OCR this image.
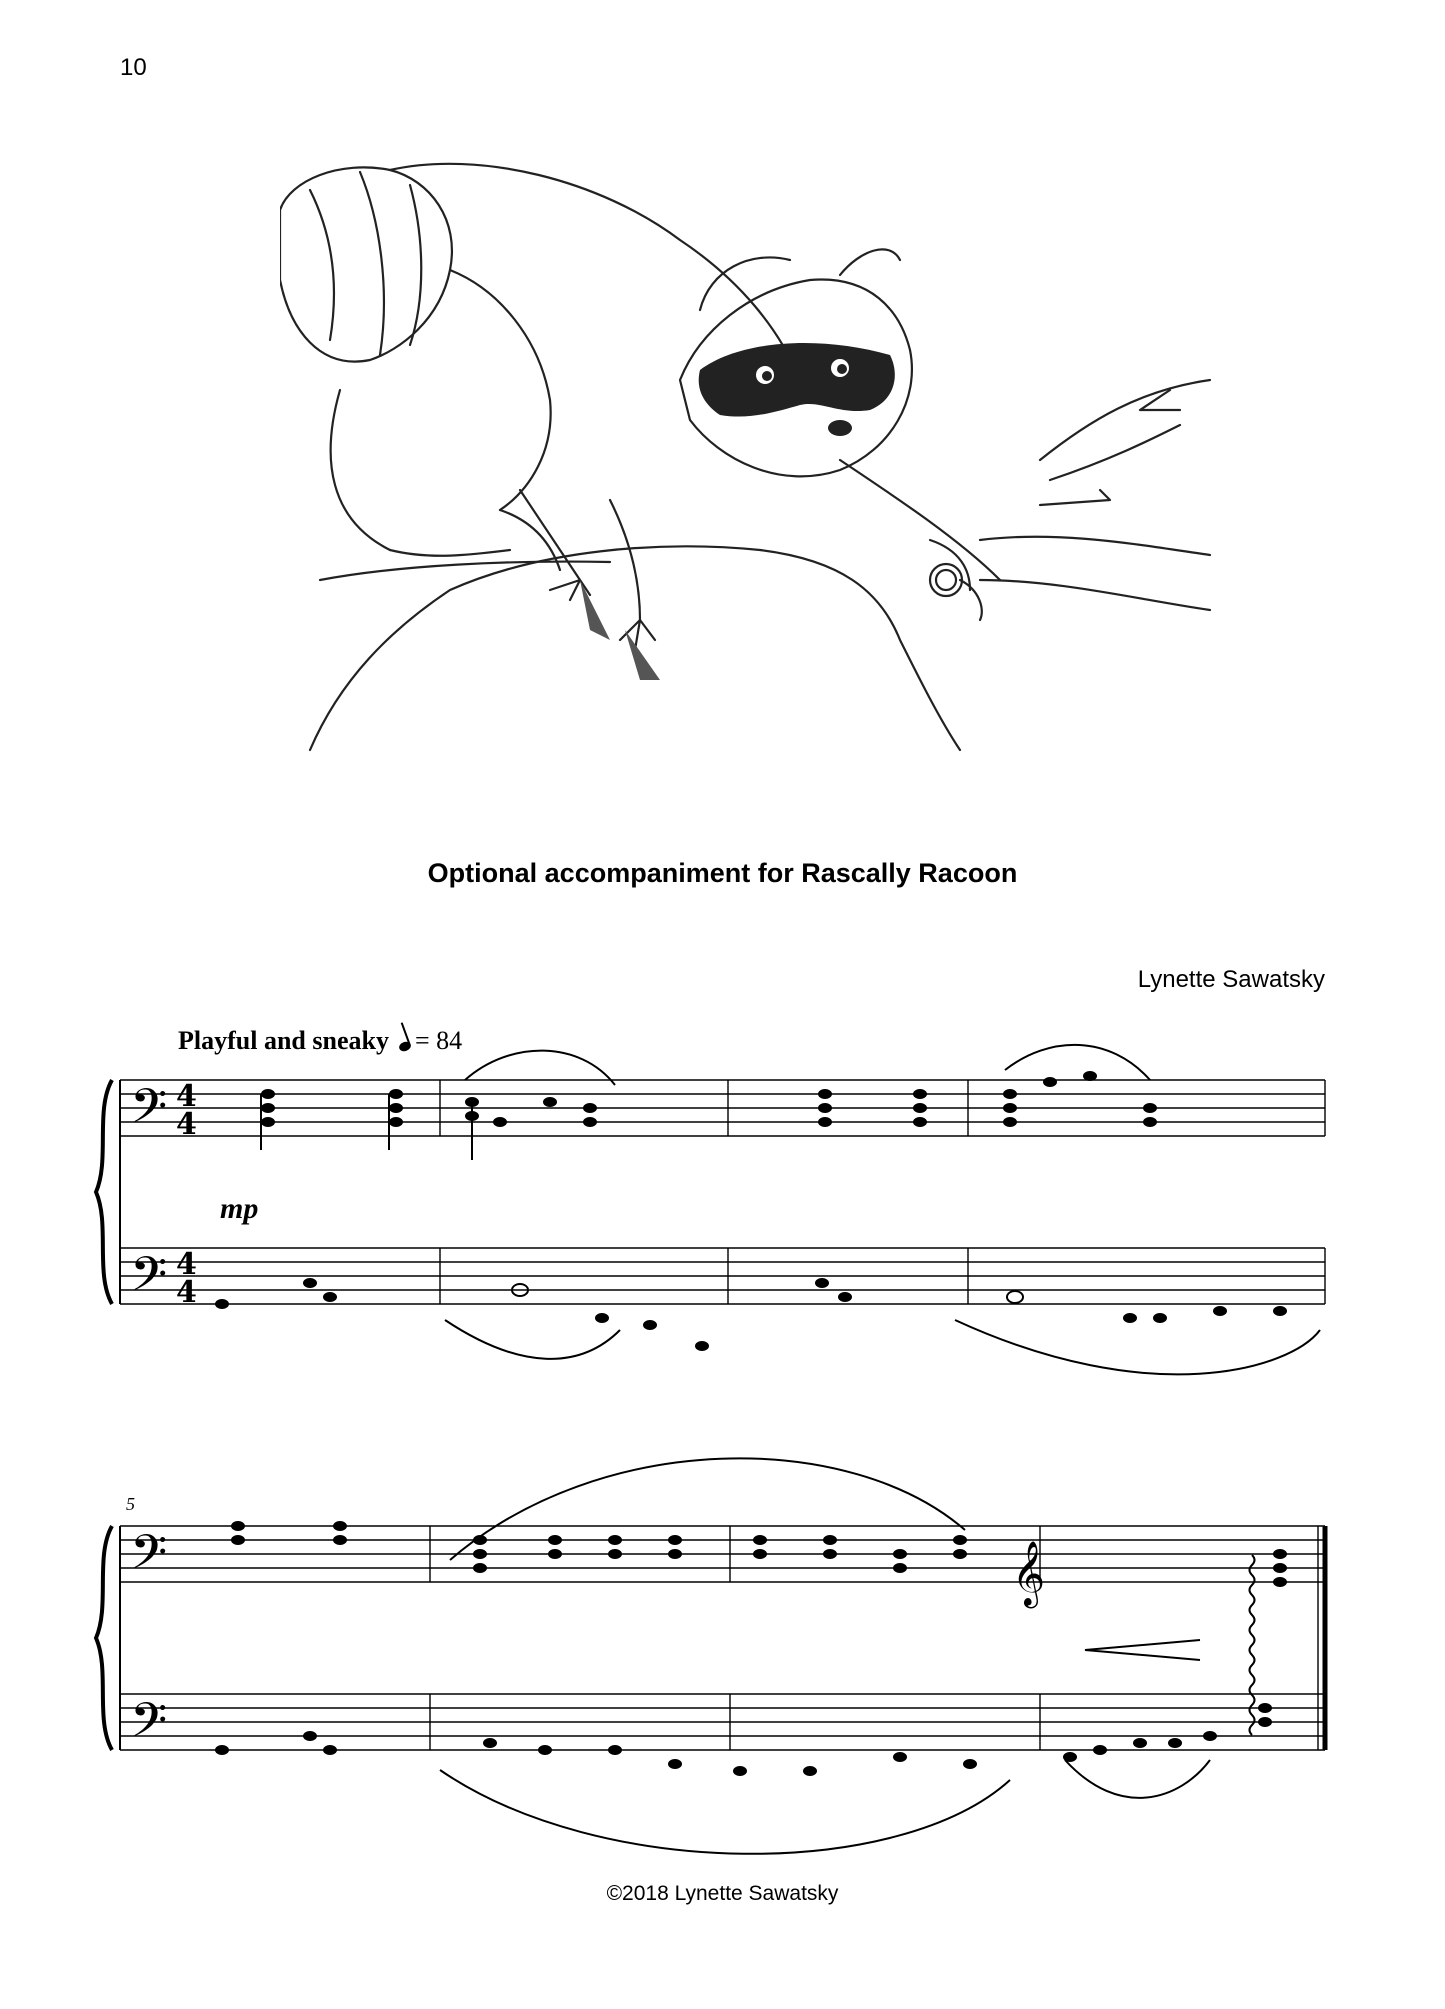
10
Optional accompaniment for Rascally Racoon
Lynette Sawatsky
Playful and sneaky = 84
𝄢
𝄢
𝄢
𝄢
𝄞
4
4
4
4
mp
5
©2018 Lynette Sawatsky
